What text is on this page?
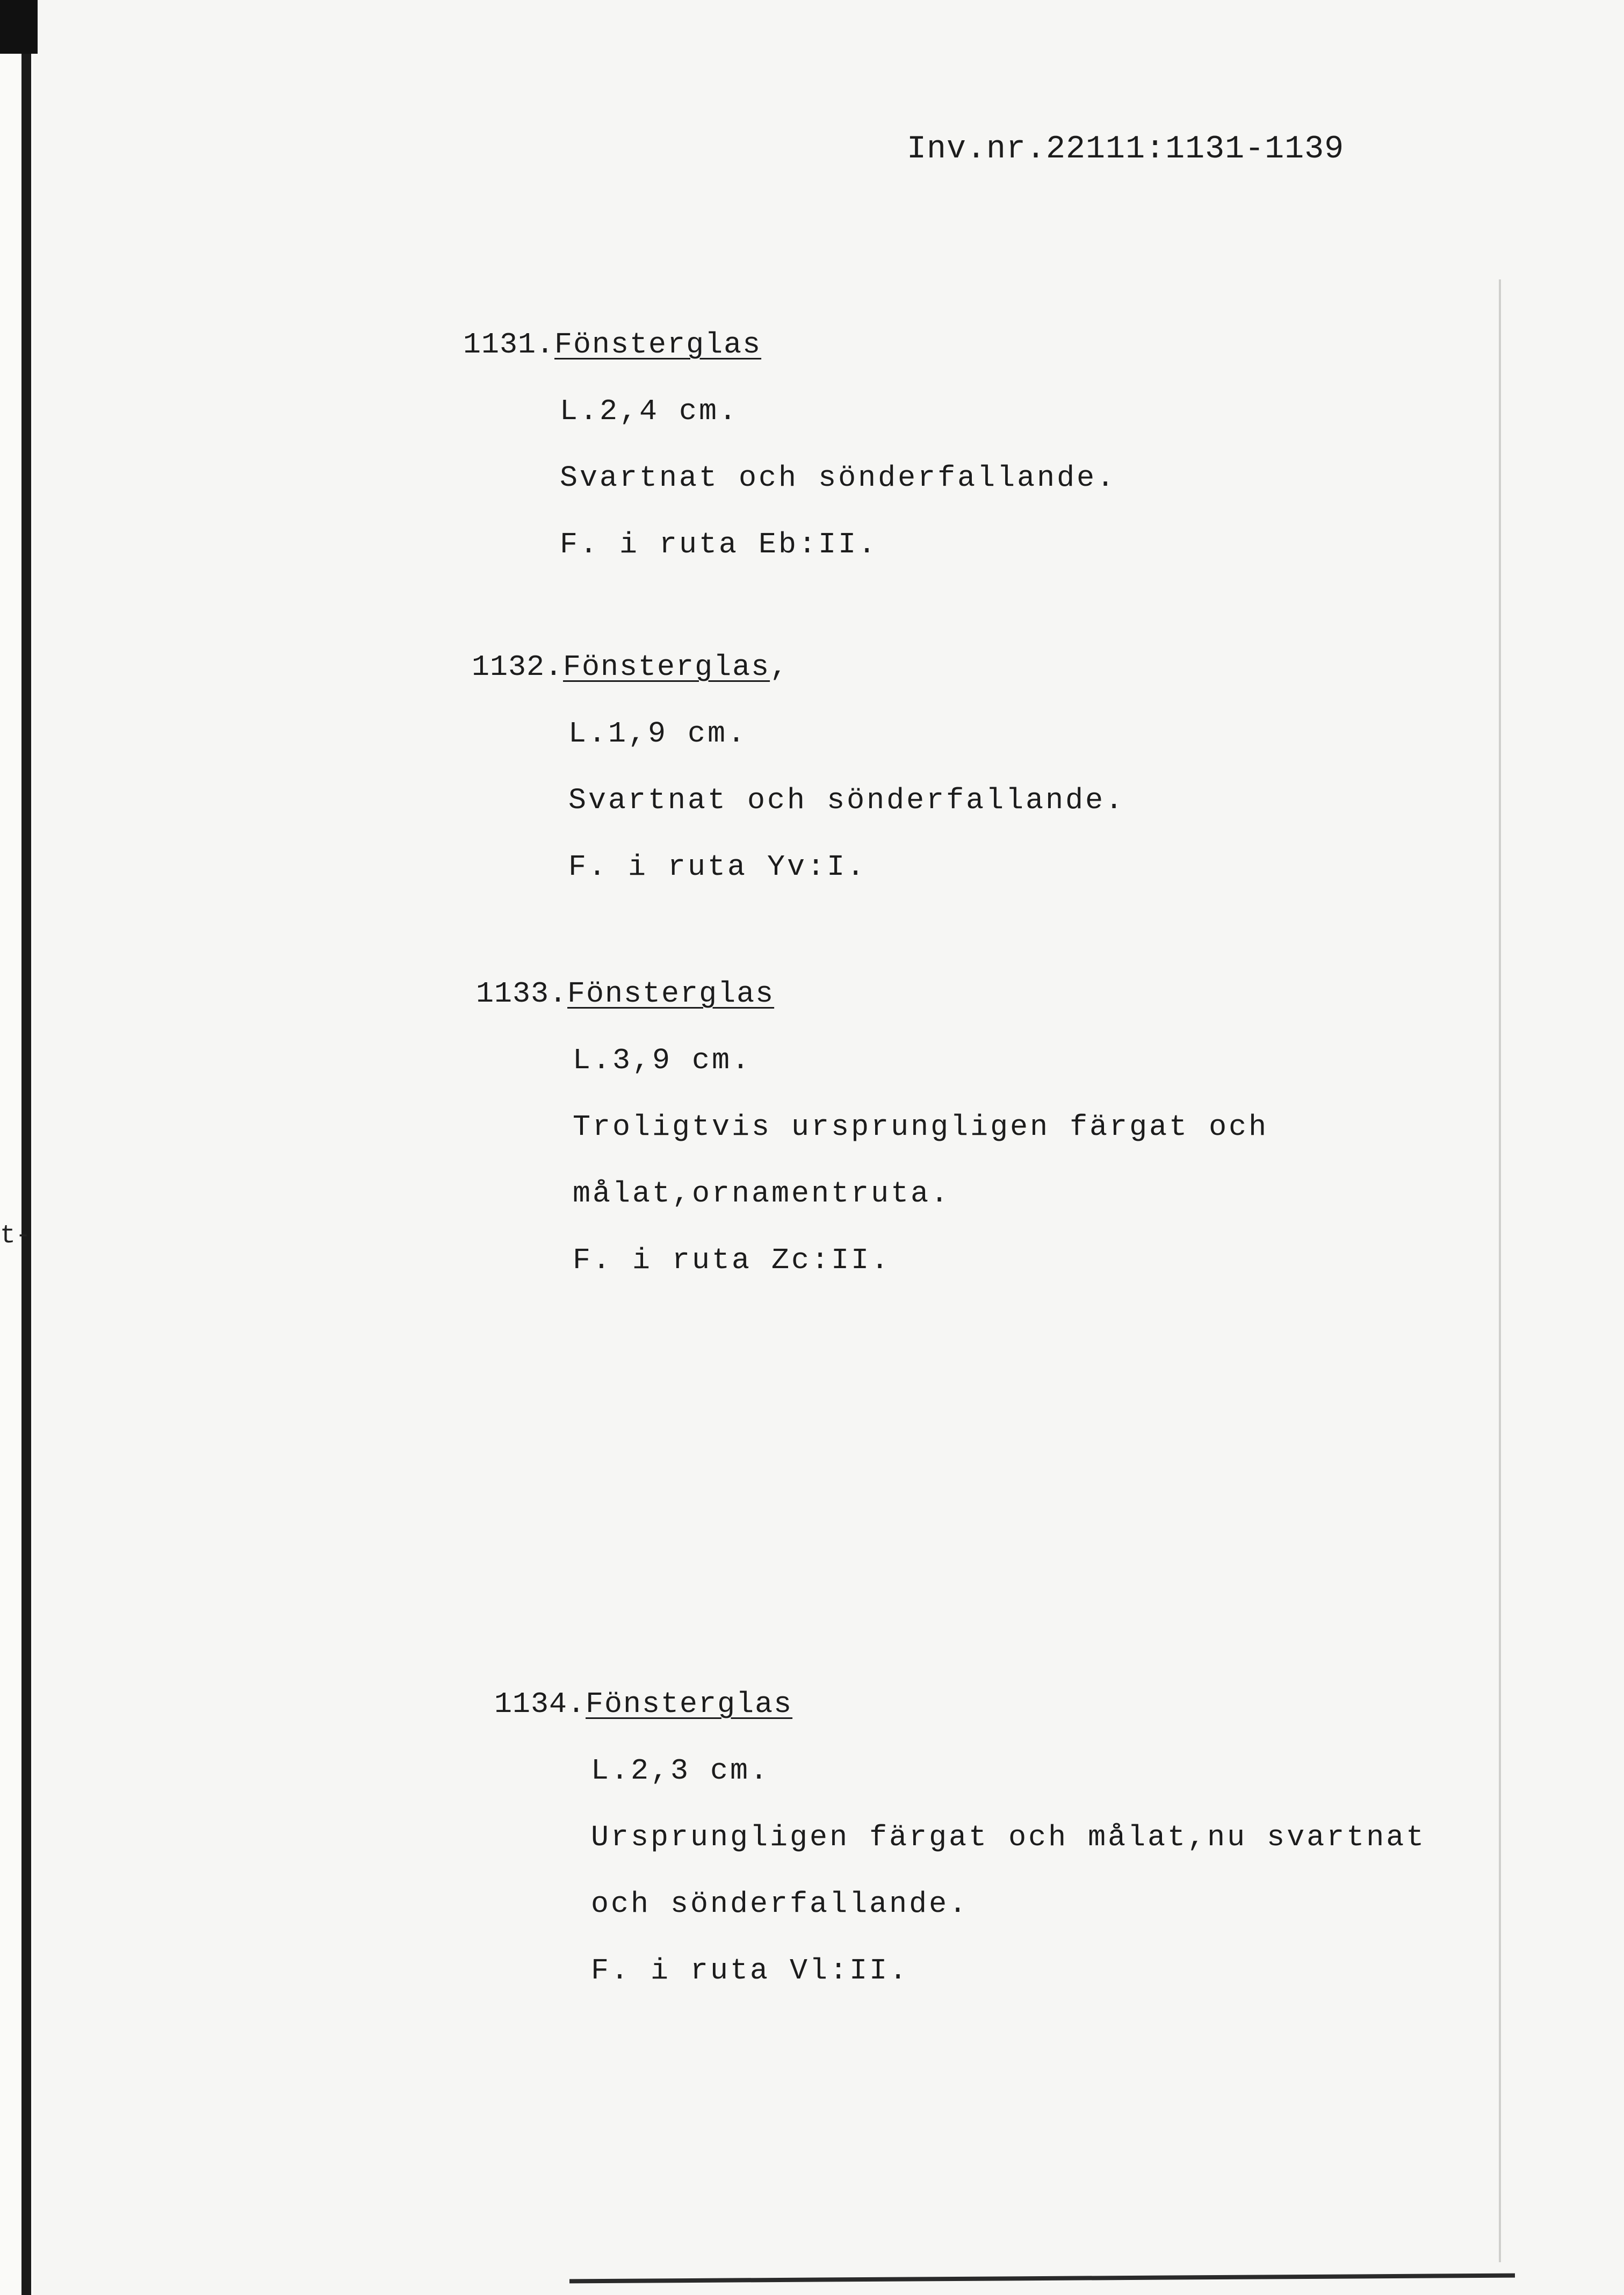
t-
Inv.nr.22111:1131-1139
1131.Fönsterglas
L.2,4 cm.
Svartnat och sönderfallande.
F. i ruta Eb:II.
1132.Fönsterglas,
L.1,9 cm.
Svartnat och sönderfallande.
F. i ruta Yv:I.
1133.Fönsterglas
L.3,9 cm.
Troligtvis ursprungligen färgat och
målat,ornamentruta.
F. i ruta Zc:II.
1134.Fönsterglas
L.2,3 cm.
Ursprungligen färgat och målat,nu svartnat
och sönderfallande.
F. i ruta Vl:II.
